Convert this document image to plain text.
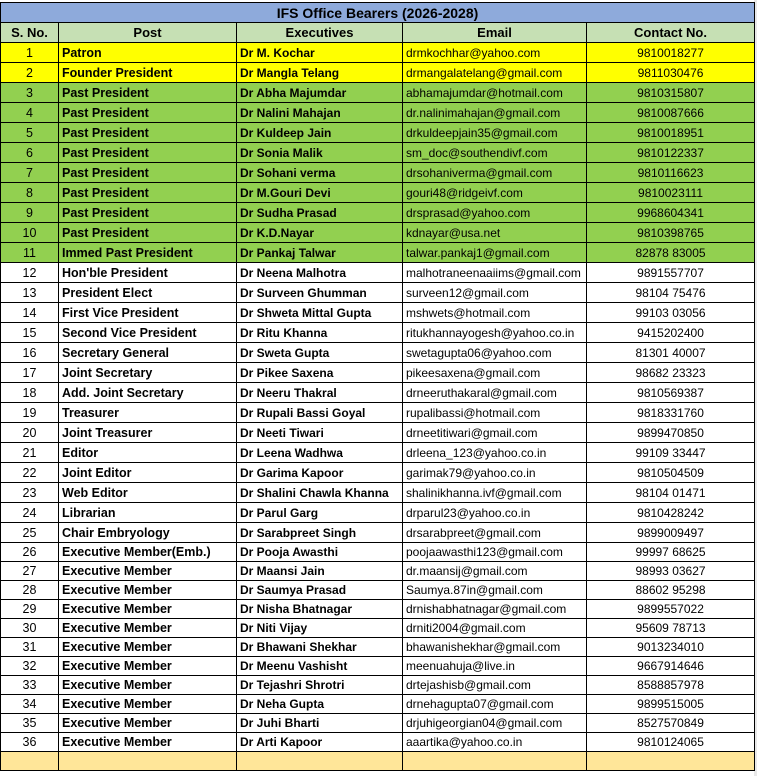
IFS Office Bearers (2026-2028)				
S. No.	Post	Executives	Email	Contact No.
1	Patron	Dr M. Kochar	drmkochhar@yahoo.com	9810018277
2	Founder President	Dr Mangla Telang	drmangalatelang@gmail.com	9811030476
3	Past President	Dr Abha Majumdar	abhamajumdar@hotmail.com	9810315807
4	Past President	Dr Nalini Mahajan	dr.nalinimahajan@gmail.com	9810087666
5	Past President	Dr Kuldeep Jain	drkuldeepjain35@gmail.com	9810018951
6	Past President	Dr Sonia Malik	sm_doc@southendivf.com	9810122337
7	Past President	Dr Sohani verma	drsohaniverma@gmail.com	9810116623
8	Past President	Dr M.Gouri Devi	gouri48@ridgeivf.com	9810023111
9	Past President	Dr Sudha Prasad	drsprasad@yahoo.com	9968604341
10	Past President	Dr K.D.Nayar	kdnayar@usa.net	9810398765
11	Immed Past President	Dr Pankaj Talwar	talwar.pankaj1@gmail.com	82878 83005
12	Hon'ble President	Dr Neena Malhotra	malhotraneenaaiims@gmail.com	9891557707
13	President Elect	Dr Surveen Ghumman	surveen12@gmail.com	98104 75476
14	First Vice President	Dr Shweta Mittal Gupta	mshwets@hotmail.com	99103 03056
15	Second Vice President	Dr Ritu Khanna	ritukhannayogesh@yahoo.co.in	9415202400
16	Secretary General	Dr Sweta Gupta	swetagupta06@yahoo.com	81301 40007
17	Joint Secretary	Dr Pikee Saxena	pikeesaxena@gmail.com	98682 23323
18	Add. Joint Secretary	Dr Neeru Thakral	drneeruthakaral@gmail.com	9810569387
19	Treasurer	Dr Rupali Bassi Goyal	rupalibassi@hotmail.com	9818331760
20	Joint Treasurer	Dr Neeti Tiwari	drneetitiwari@gmail.com	9899470850
21	Editor	Dr Leena Wadhwa	drleena_123@yahoo.co.in	99109 33447
22	Joint Editor	Dr Garima Kapoor	garimak79@yahoo.co.in	9810504509
23	Web Editor	Dr Shalini Chawla Khanna	shalinikhanna.ivf@gmail.com	98104 01471
24	Librarian	Dr Parul Garg	drparul23@yahoo.co.in	9810428242
25	Chair Embryology	Dr Sarabpreet Singh	drsarabpreet@gmail.com	9899009497
26	Executive Member(Emb.)	Dr Pooja Awasthi	poojaawasthi123@gmail.com	99997 68625
27	Executive Member	Dr Maansi Jain	dr.maansij@gmail.com	98993 03627
28	Executive Member	Dr Saumya Prasad	Saumya.87in@gmail.com	88602 95298
29	Executive Member	Dr Nisha Bhatnagar	drnishabhatnagar@gmail.com	9899557022
30	Executive Member	Dr Niti Vijay	drniti2004@gmail.com	95609 78713
31	Executive Member	Dr Bhawani Shekhar	bhawanishekhar@gmail.com	9013234010
32	Executive Member	Dr Meenu Vashisht	meenuahuja@live.in	9667914646
33	Executive Member	Dr Tejashri Shrotri	drtejashisb@gmail.com	8588857978
34	Executive Member	Dr Neha Gupta	drnehagupta07@gmail.com	9899515005
35	Executive Member	Dr Juhi Bharti	drjuhigeorgian04@gmail.com	8527570849
36	Executive Member	Dr Arti Kapoor	aaartika@yahoo.co.in	9810124065
